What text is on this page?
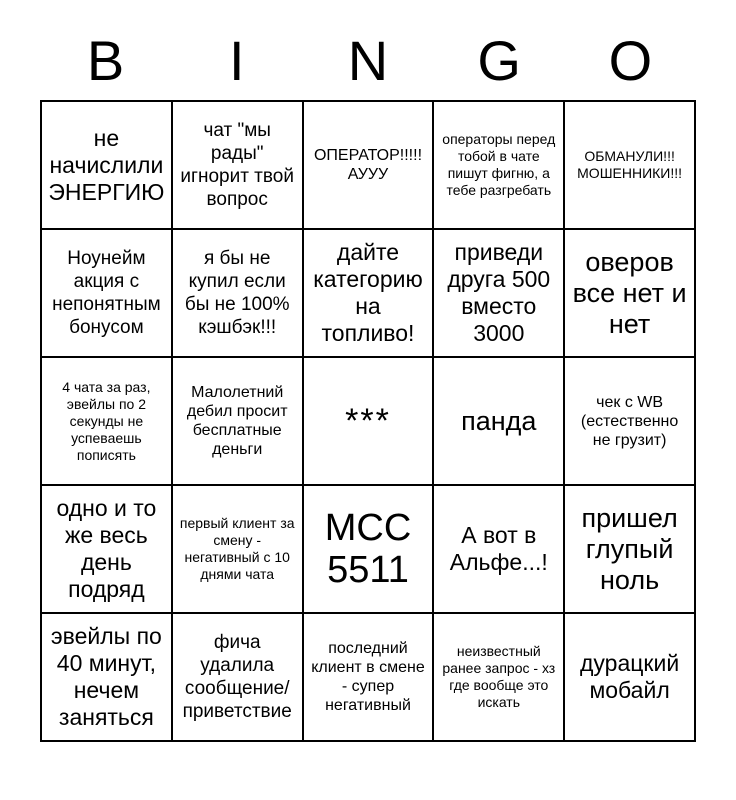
B	I	N	G	O
не начислили ЭНЕРГИЮ	чат "мы рады" игнорит твой вопрос	ОПЕРАТОР!!!!! АУУУ	операторы перед тобой в чате пишут фигню, а тебе разгребать	ОБМАНУЛИ!!! МОШЕННИКИ!!!
Ноунейм акция с непонятным бонусом	я бы не купил если бы не 100% кэшбэк!!!	дайте категорию на топливо!	приведи друга 500 вместо 3000	оверов все нет и нет
4 чата за раз, эвейлы по 2 секунды не успеваешь пописять	Малолетний дебил просит бесплатные деньги	***	панда	чек с WB (естественно не грузит)
одно и то же весь день подряд	первый клиент за смену - негативный с 10 днями чата	MCC 5511	А вот в Альфе...!	пришел глупый ноль
эвейлы по 40 минут, нечем заняться	фича удалила сообщение/ приветствие	последний клиент в смене - супер негативный	неизвестный ранее запрос - хз где вообще это искать	дурацкий мобайл
